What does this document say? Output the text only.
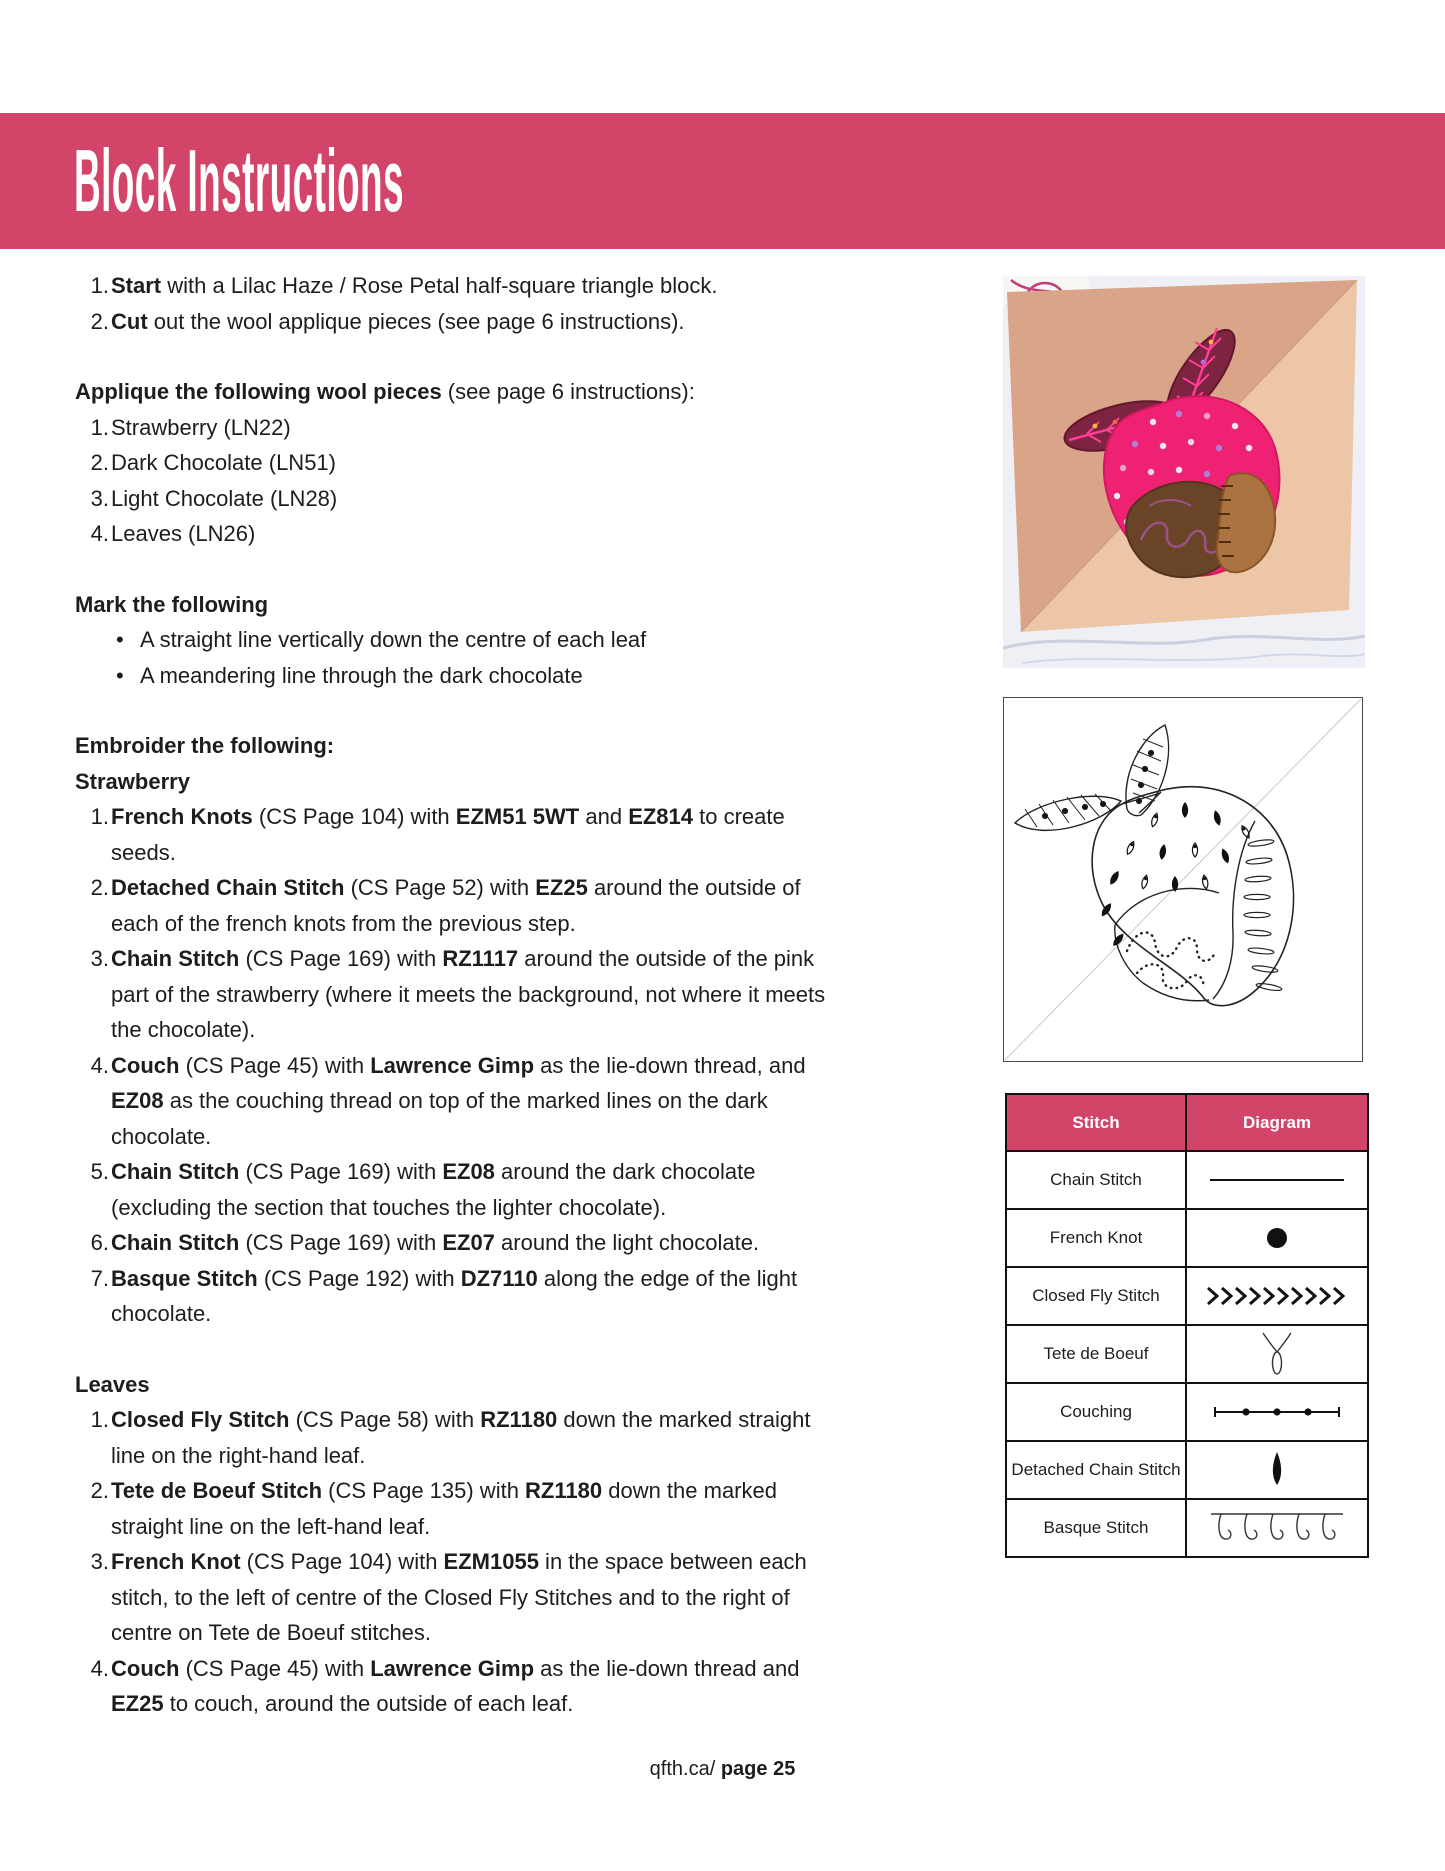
Block Instructions
Start with a Lilac Haze / Rose Petal half-square triangle block.
Cut out the wool applique pieces (see page 6 instructions).
Applique the following wool pieces (see page 6 instructions):
Strawberry (LN22)
Dark Chocolate (LN51)
Light Chocolate (LN28)
Leaves (LN26)
Mark the following
• A straight line vertically down the centre of each leaf
• A meandering line through the dark chocolate
Embroider the following:
Strawberry
French Knots (CS Page 104) with EZM51 5WT and EZ814 to create seeds.
Detached Chain Stitch (CS Page 52) with EZ25 around the outside of each of the french knots from the previous step.
Chain Stitch (CS Page 169) with RZ1117 around the outside of the pink part of the strawberry (where it meets the background, not where it meets the chocolate).
Couch (CS Page 45) with Lawrence Gimp as the lie-down thread, and EZ08 as the couching thread on top of the marked lines on the dark chocolate.
Chain Stitch (CS Page 169) with EZ08 around the dark chocolate (excluding the section that touches the lighter chocolate).
Chain Stitch (CS Page 169) with EZ07 around the light chocolate.
Basque Stitch (CS Page 192) with DZ7110 along the edge of the light chocolate.
Leaves
Closed Fly Stitch (CS Page 58) with RZ1180 down the marked straight line on the right-hand leaf.
Tete de Boeuf Stitch (CS Page 135) with RZ1180 down the marked straight line on the left-hand leaf.
French Knot (CS Page 104) with EZM1055 in the space between each stitch, to the left of centre of the Closed Fly Stitches and to the right of centre on Tete de Boeuf stitches.
Couch (CS Page 45) with Lawrence Gimp as the lie-down thread and EZ25 to couch, around the outside of each leaf.
Stitch	Diagram
Chain Stitch	

French Knot	

Closed Fly Stitch	

Tete de Boeuf	

Couching	

Detached Chain Stitch	

Basque Stitch	
qfth.ca/ page 25
